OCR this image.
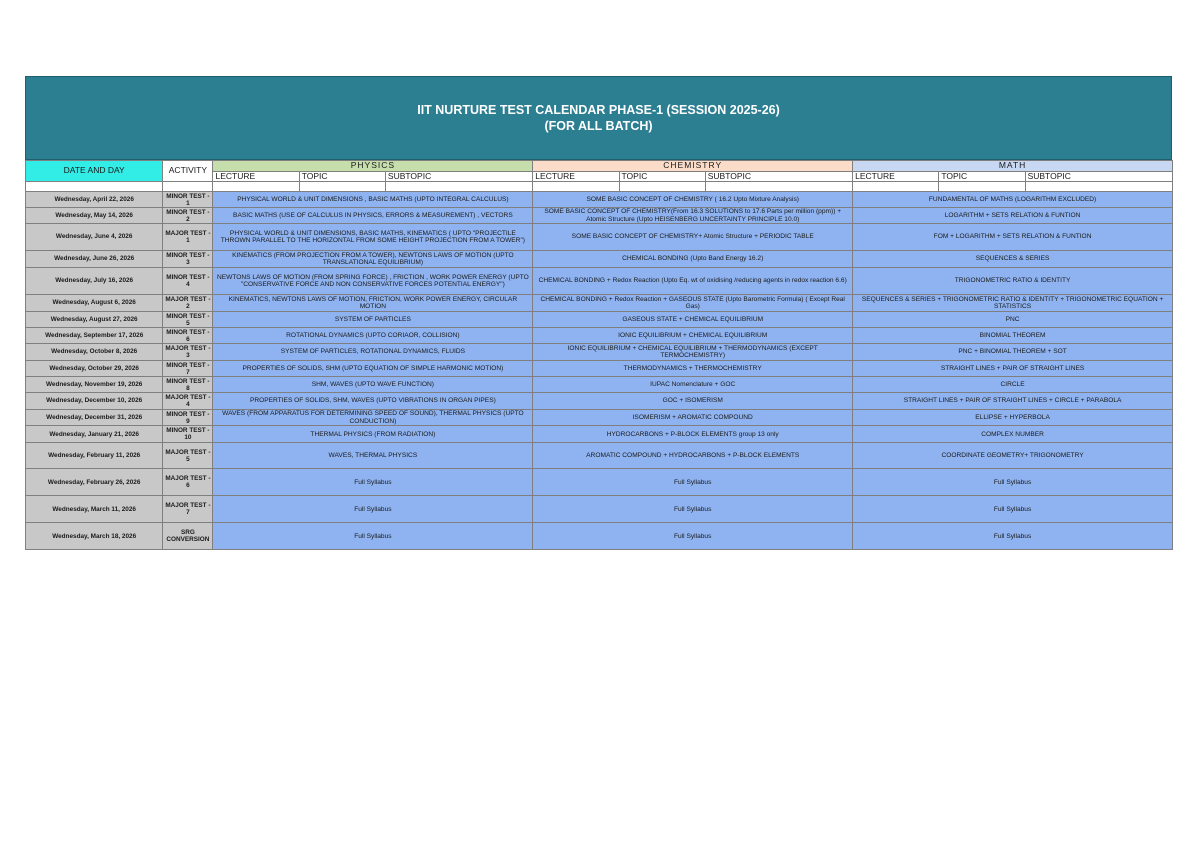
IIT NURTURE TEST CALENDAR PHASE-1 (SESSION 2025-26)
(FOR ALL BATCH)
DATE AND DAY	ACTIVITY	PHYSICS			CHEMISTRY			MATH		
		LECTURE	TOPIC	SUBTOPIC	LECTURE	TOPIC	SUBTOPIC	LECTURE	TOPIC	SUBTOPIC

Wednesday, April 22, 2026	MINOR TEST - 1	PHYSICAL WORLD & UNIT DIMENSIONS , BASIC MATHS (UPTO INTEGRAL CALCULUS)			SOME BASIC CONCEPT OF CHEMISTRY ( 16.2 Upto Mixture Analysis)			FUNDAMENTAL OF MATHS (LOGARITHM EXCLUDED)		
Wednesday, May 14, 2026	MINOR TEST - 2	BASIC MATHS (USE OF CALCULUS IN PHYSICS, ERRORS & MEASUREMENT) , VECTORS			SOME BASIC CONCEPT OF CHEMISTRY(From 16.3 SOLUTIONS to 17.6 Parts per million (ppm)) + Atomic Structure (Upto HEISENBERG UNCERTAINTY PRINCIPLE 10.0)			LOGARITHM + SETS RELATION & FUNTION		
Wednesday, June 4, 2026	MAJOR TEST - 1	PHYSICAL WORLD & UNIT DIMENSIONS, BASIC MATHS, KINEMATICS ( UPTO "PROJECTILE THROWN PARALLEL TO THE HORIZONTAL FROM SOME HEIGHT PROJECTION FROM A TOWER")			SOME BASIC CONCEPT OF CHEMISTRY+ Atomic Structure + PERIODIC TABLE			FOM + LOGARITHM + SETS RELATION & FUNTION		
Wednesday, June 26, 2026	MINOR TEST - 3	KINEMATICS (FROM PROJECTION FROM A TOWER), NEWTONS LAWS OF MOTION (UPTO TRANSLATIONAL EQUILIBRIUM)			CHEMICAL BONDING (Upto Band Energy 16.2)			SEQUENCES & SERIES		
Wednesday, July 16, 2026	MINOR TEST - 4	NEWTONS LAWS OF MOTION (FROM SPRING FORCE) , FRICTION , WORK POWER ENERGY (UPTO "CONSERVATIVE FORCE AND NON CONSERVATIVE FORCES POTENTIAL ENERGY")			CHEMICAL BONDING + Redox Reaction (Upto Eq. wt of oxidising /reducing agents in redox reaction 6.6)			TRIGONOMETRIC RATIO & IDENTITY		
Wednesday, August 6, 2026	MAJOR TEST - 2	KINEMATICS, NEWTONS LAWS OF MOTION, FRICTION, WORK POWER ENERGY, CIRCULAR MOTION			CHEMICAL BONDING + Redox Reaction + GASEOUS STATE (Upto Barometric Formula) ( Except Real Gas)			SEQUENCES & SERIES + TRIGONOMETRIC RATIO & IDENTITY + TRIGONOMETRIC EQUATION + STATISTICS		
Wednesday, August 27, 2026	MINOR TEST - 5	SYSTEM OF PARTICLES			GASEOUS STATE + CHEMICAL EQUILIBRIUM			PNC		
Wednesday, September 17, 2026	MINOR TEST - 6	ROTATIONAL DYNAMICS (UPTO CORIAOR, COLLISION)			IONIC EQUILIBRIUM + CHEMICAL EQUILIBRIUM			BINOMIAL THEOREM		
Wednesday, October 8, 2026	MAJOR TEST - 3	SYSTEM OF PARTICLES, ROTATIONAL DYNAMICS, FLUIDS			IONIC EQUILIBRIUM + CHEMICAL EQUILIBRIUM + THERMODYNAMICS (EXCEPT TERMOCHEMISTRY)			PNC + BINOMIAL THEOREM + SOT		
Wednesday, October 29, 2026	MINOR TEST - 7	PROPERTIES OF SOLIDS, SHM (UPTO EQUATION OF SIMPLE HARMONIC MOTION)			THERMODYNAMICS + THERMOCHEMISTRY			STRAIGHT LINES + PAIR OF STRAIGHT LINES		
Wednesday, November 19, 2026	MINOR TEST - 8	SHM, WAVES (UPTO WAVE FUNCTION)			IUPAC Nomenclature + GOC			CIRCLE		
Wednesday, December 10, 2026	MAJOR TEST - 4	PROPERTIES OF SOLIDS, SHM, WAVES (UPTO VIBRATIONS IN ORGAN PIPES)			GOC + ISOMERISM			STRAIGHT LINES + PAIR OF STRAIGHT LINES + CIRCLE + PARABOLA		
Wednesday, December 31, 2026	MINOR TEST - 9	WAVES (FROM APPARATUS FOR DETERMINING SPEED OF SOUND), THERMAL PHYSICS (UPTO CONDUCTION)			ISOMERISM + AROMATIC COMPOUND			ELLIPSE + HYPERBOLA		
Wednesday, January 21, 2026	MINOR TEST - 10	THERMAL PHYSICS (FROM RADIATION)			HYDROCARBONS + P-BLOCK ELEMENTS group 13 only			COMPLEX NUMBER		
Wednesday, February 11, 2026	MAJOR TEST - 5	WAVES, THERMAL PHYSICS			AROMATIC COMPOUND + HYDROCARBONS + P-BLOCK ELEMENTS			COORDINATE GEOMETRY+ TRIGONOMETRY		
Wednesday, February 26, 2026	MAJOR TEST - 6	Full Syllabus			Full Syllabus			Full Syllabus		
Wednesday, March 11, 2026	MAJOR TEST - 7	Full Syllabus			Full Syllabus			Full Syllabus		
Wednesday, March 18, 2026	SRG CONVERSION	Full Syllabus			Full Syllabus			Full Syllabus		
